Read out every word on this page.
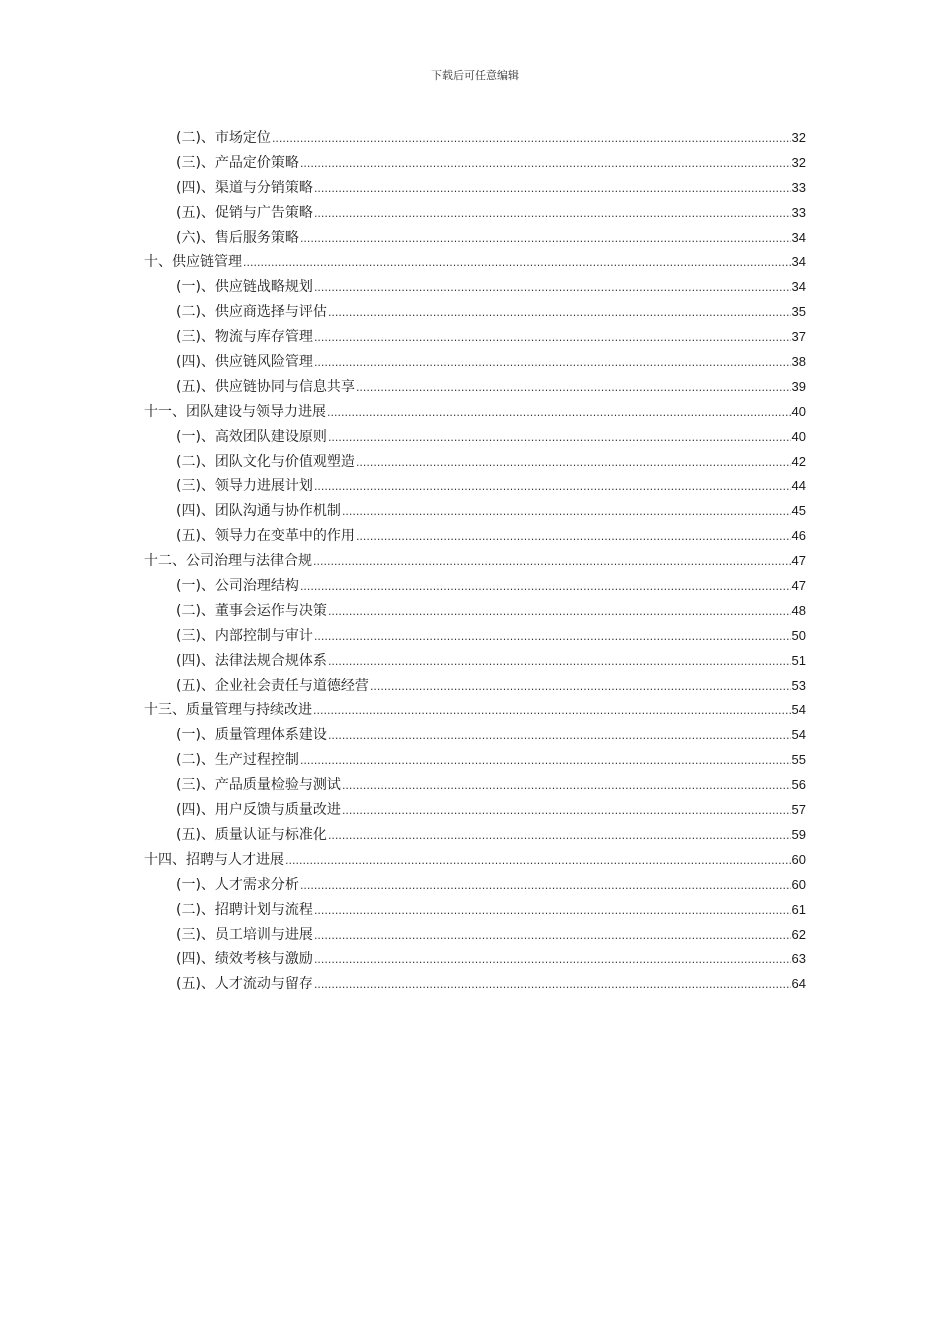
下载后可任意编辑
(二)、市场定位 .....	32
(三)、产品定价策略 .....	32
(四)、渠道与分销策略 .....	33
(五)、促销与广告策略 .....	33
(六)、售后服务策略 .....	34
十、供应链管理 .....	34
(一)、供应链战略规划 .....	34
(二)、供应商选择与评估 .....	35
(三)、物流与库存管理 .....	37
(四)、供应链风险管理 .....	38
(五)、供应链协同与信息共享 .....	39
十一、团队建设与领导力进展 .....	40
(一)、高效团队建设原则 .....	40
(二)、团队文化与价值观塑造 .....	42
(三)、领导力进展计划 .....	44
(四)、团队沟通与协作机制 .....	45
(五)、领导力在变革中的作用 .....	46
十二、公司治理与法律合规 .....	47
(一)、公司治理结构 .....	47
(二)、董事会运作与决策 .....	48
(三)、内部控制与审计 .....	50
(四)、法律法规合规体系 .....	51
(五)、企业社会责任与道德经营 .....	53
十三、质量管理与持续改进 .....	54
(一)、质量管理体系建设 .....	54
(二)、生产过程控制 .....	55
(三)、产品质量检验与测试 .....	56
(四)、用户反馈与质量改进 .....	57
(五)、质量认证与标准化 .....	59
十四、招聘与人才进展 .....	60
(一)、人才需求分析 .....	60
(二)、招聘计划与流程 .....	61
(三)、员工培训与进展 .....	62
(四)、绩效考核与激励 .....	63
(五)、人才流动与留存 .....	64
